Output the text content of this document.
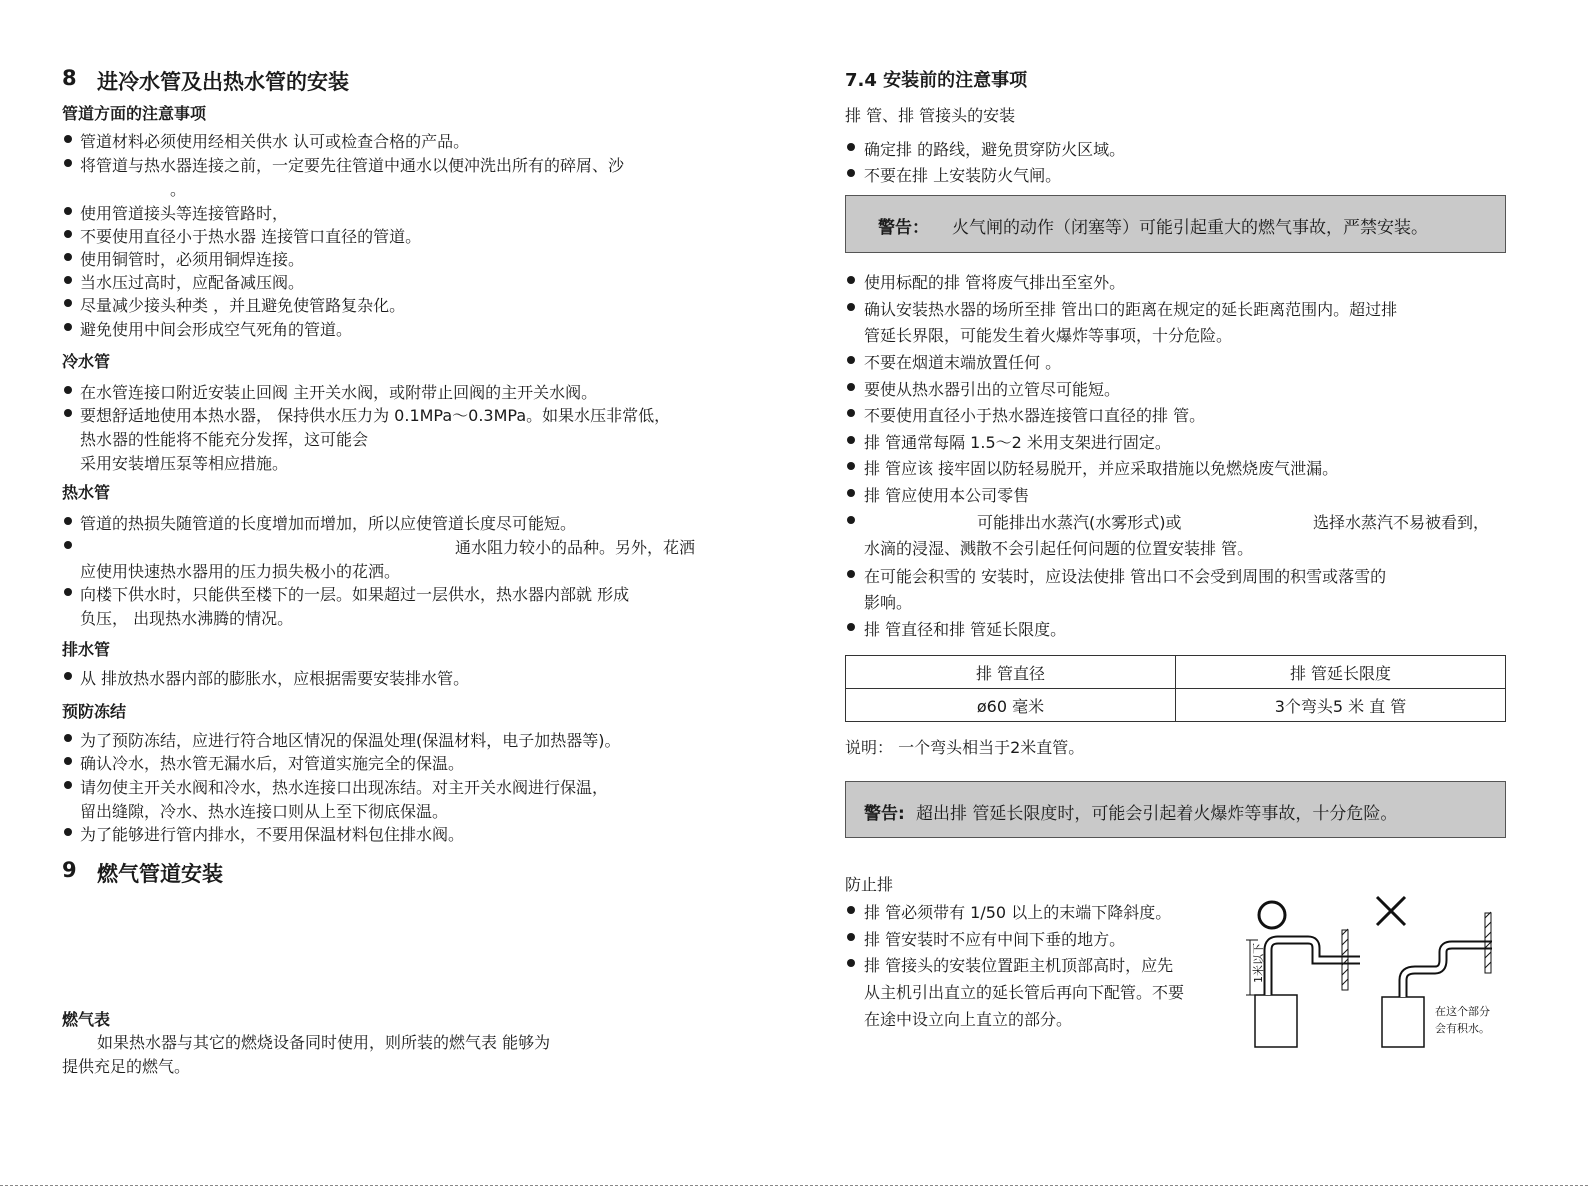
8 进冷水管及出热水管的安装
管道方面的注意事项
管道材料必须使用经相关供水 认可或检查合格的产品。
将管道与热水器连接之前，一定要先往管道中通水以便冲洗出所有的碎屑、沙
。
使用管道接头等连接管路时，
不要使用直径小于热水器 连接管口直径的管道。
使用铜管时，必须用铜焊连接。
当水压过高时，应配备减压阀。
尽量减少接头种类 ，并且避免使管路复杂化。
避免使用中间会形成空气死角的管道。
冷水管
在水管连接口附近安装止回阀 主开关水阀，或附带止回阀的主开关水阀。
要想舒适地使用本热水器， 保持供水压力为 0.1MPa～0.3MPa。如果水压非常低，
热水器的性能将不能充分发挥，这可能会
采用安装增压泵等相应措施。
热水管
管道的热损失随管道的长度增加而增加，所以应使管道长度尽可能短。
通水阻力较小的品种。另外，花洒
应使用快速热水器用的压力损失极小的花洒。
向楼下供水时，只能供至楼下的一层。如果超过一层供水，热水器内部就 形成
负压， 出现热水沸腾的情况。
排水管
从 排放热水器内部的膨胀水，应根据需要安装排水管。
预防冻结
为了预防冻结，应进行符合地区情况的保温处理(保温材料，电子加热器等)。
确认冷水，热水管无漏水后，对管道实施完全的保温。
请勿使主开关水阀和冷水，热水连接口出现冻结。对主开关水阀进行保温，
留出缝隙，冷水、热水连接口则从上至下彻底保温。
为了能够进行管内排水，不要用保温材料包住排水阀。
9 燃气管道安装
燃气表
如果热水器与其它的燃烧设备同时使用，则所装的燃气表 能够为
提供充足的燃气。
7.4 安装前的注意事项
排 管、排 管接头的安装
确定排 的路线，避免贯穿防火区域。
不要在排 上安装防火气闸。
警告： 火气闸的动作（闭塞等）可能引起重大的燃气事故，严禁安装。
使用标配的排 管将废气排出至室外。
确认安装热水器的场所至排 管出口的距离在规定的延长距离范围内。超过排
管延长界限，可能发生着火爆炸等事项，十分危险。
不要在烟道末端放置任何 。
要使从热水器引出的立管尽可能短。
不要使用直径小于热水器连接管口直径的排 管。
排 管通常每隔 1.5～2 米用支架进行固定。
排 管应该 接牢固以防轻易脱开，并应采取措施以免燃烧废气泄漏。
排 管应使用本公司零售
可能排出水蒸汽(水雾形式)或	选择水蒸汽不易被看到，
水滴的浸湿、溅散不会引起任何问题的位置安装排 管。
在可能会积雪的 安装时，应设法使排 管出口不会受到周围的积雪或落雪的
影响。
排 管直径和排 管延长限度。
排 管直径	排 管延长限度
ø60 毫米	3个弯头5 米 直 管
说明： 一个弯头相当于2米直管。
警告: 超出排 管延长限度时，可能会引起着火爆炸等事故，十分危险。
防止排
排 管必须带有 1/50 以上的末端下降斜度。
排 管安装时不应有中间下垂的地方。
排 管接头的安装位置距主机顶部高时，应先
从主机引出直立的延长管后再向下配管。不要
在途中设立向上直立的部分。
1米以下
在这个部分
会有积水。
